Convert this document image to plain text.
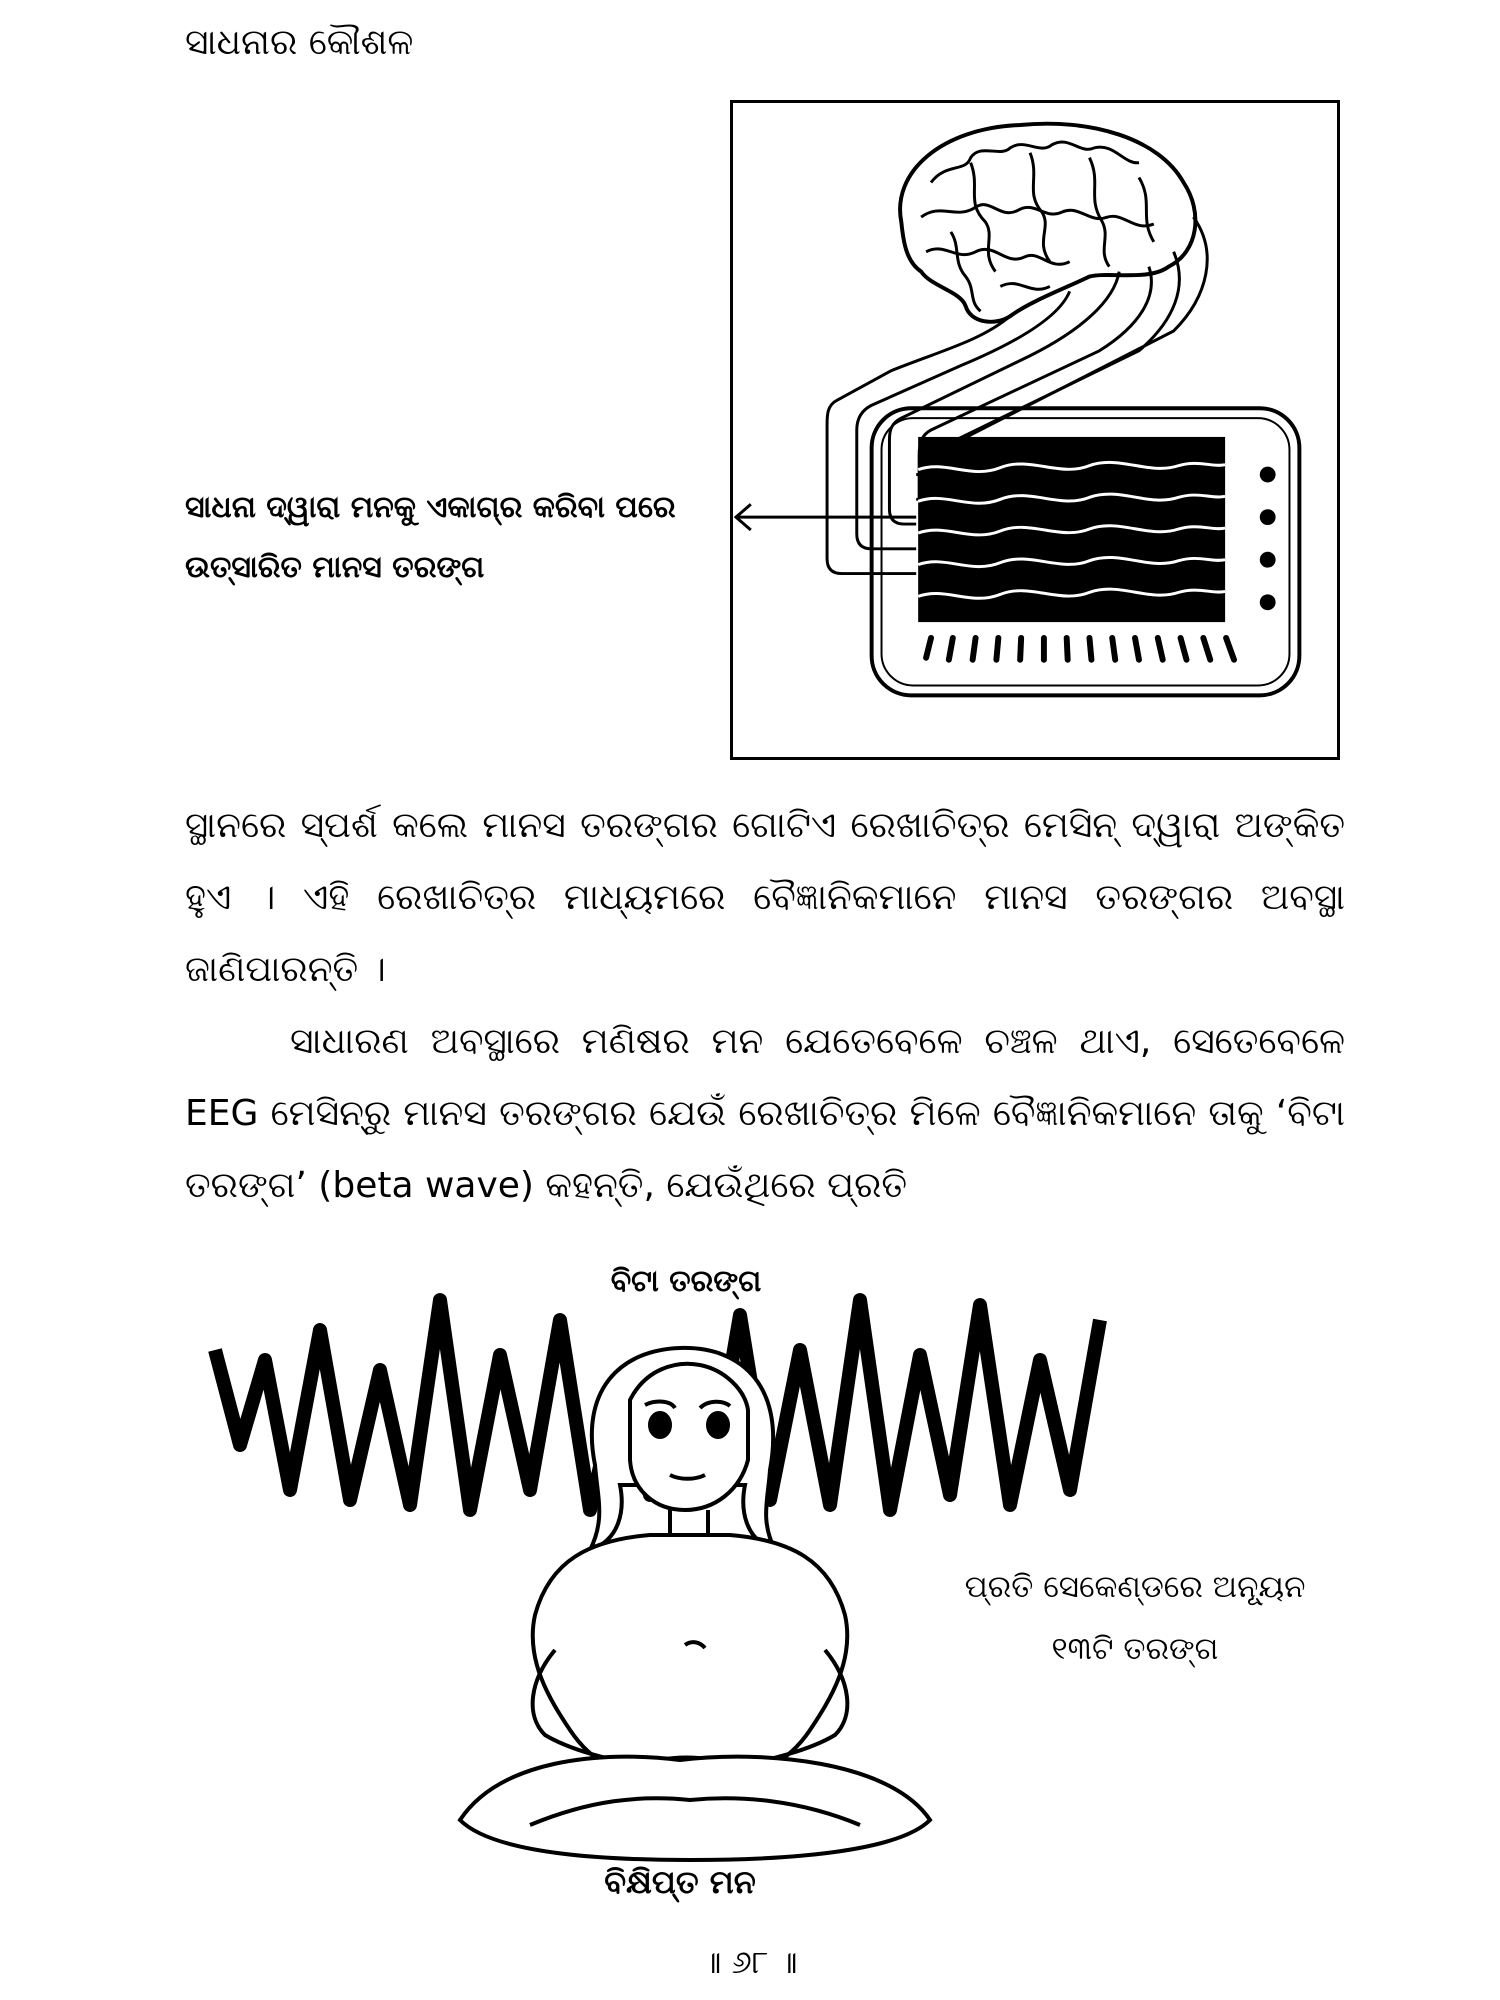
ସାଧନାର କୌଶଳ
ସାଧନା ଦ୍ୱାରା ମନକୁ ଏକାଗ୍ର କରିବା ପରେ ଉତ୍ସାରିତ ମାନସ ତରଙ୍ଗ
ସ୍ଥାନରେ ସ୍ପର୍ଶ କଲେ ମାନସ ତରଙ୍ଗର ଗୋଟିଏ ରେଖାଚିତ୍ର ମେସିନ୍ ଦ୍ୱାରା ଅଙ୍କିତ ହୁଏ । ଏହି ରେଖାଚିତ୍ର ମାଧ୍ୟମରେ ବୈଜ୍ଞାନିକମାନେ ମାନସ ତରଙ୍ଗର ଅବସ୍ଥା ଜାଣିପାରନ୍ତି ।
ସାଧାରଣ ଅବସ୍ଥାରେ ମଣିଷର ମନ ଯେତେବେଳେ ଚଞ୍ଚଳ ଥାଏ, ସେତେବେଳେ EEG ମେସିନ୍‌ରୁ ମାନସ ତରଙ୍ଗର ଯେଉଁ ରେଖାଚିତ୍ର ମିଳେ ବୈଜ୍ଞାନିକମାନେ ତାକୁ ‘ବିଟା ତରଙ୍ଗ’ (beta wave) କହନ୍ତି, ଯେଉଁଥିରେ ପ୍ରତି
ବିଟା ତରଙ୍ଗ
ପ୍ରତି ସେକେଣ୍ଡରେ ଅନ୍ୟୂନ ୧୩ଟି ତରଙ୍ଗ
ବିକ୍ଷିପ୍ତ ମନ
॥ ୬୮ ॥
